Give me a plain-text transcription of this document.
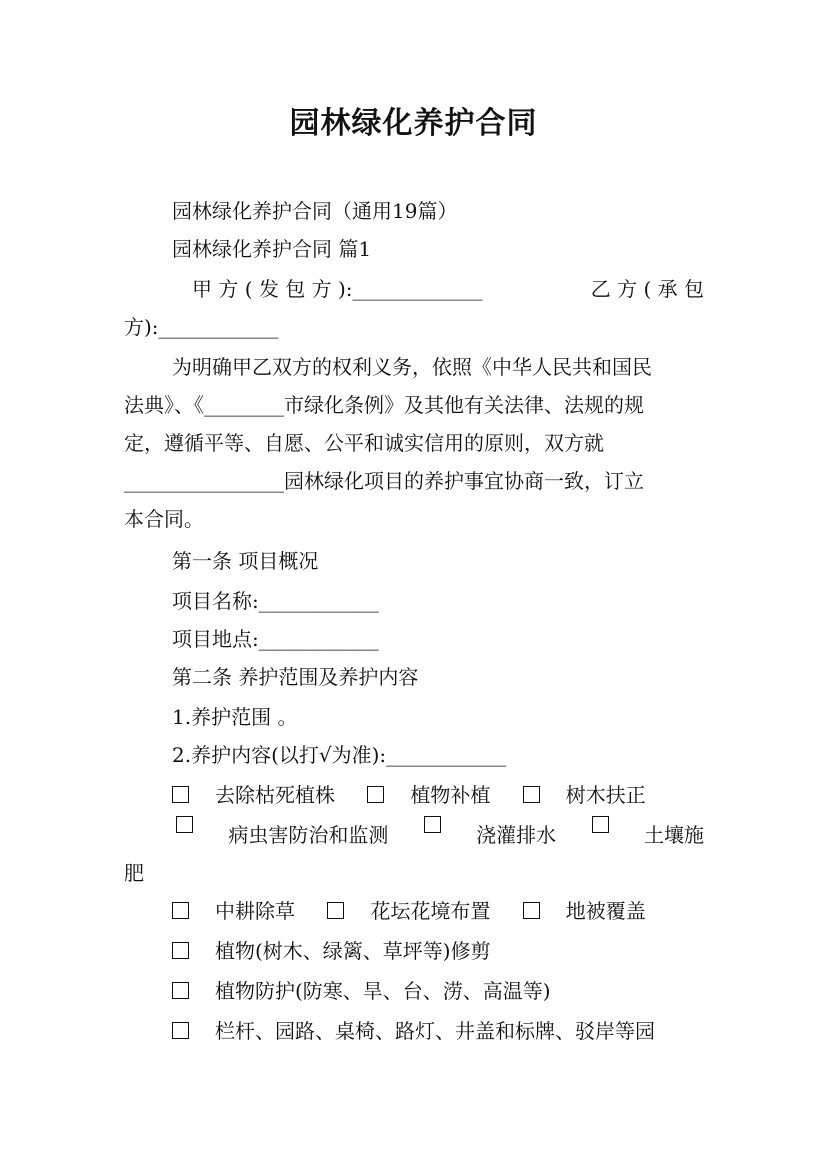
园林绿化养护合同
园林绿化养护合同（通用19篇）
园林绿化养护合同 篇1
甲 方 ( 发 包 方 ):_____________	乙 方 ( 承 包
方):____________
为明确甲乙双方的权利义务，依照《中华人民共和国民
法典》、《________市绿化条例》及其他有关法律、法规的规
定，遵循平等、自愿、公平和诚实信用的原则，双方就
________________园林绿化项目的养护事宜协商一致，订立
本合同。
第一条 项目概况
项目名称:____________
项目地点:____________
第二条 养护范围及养护内容
1.养护范围 。
2.养护内容(以打√为准):____________
去除枯死植株	植物补植	树木扶正
病虫害防治和监测	浇灌排水	土壤施
肥
中耕除草	花坛花境布置	地被覆盖
植物(树木、绿篱、草坪等)修剪
植物防护(防寒、旱、台、涝、高温等)
栏杆、园路、桌椅、路灯、井盖和标牌、驳岸等园
